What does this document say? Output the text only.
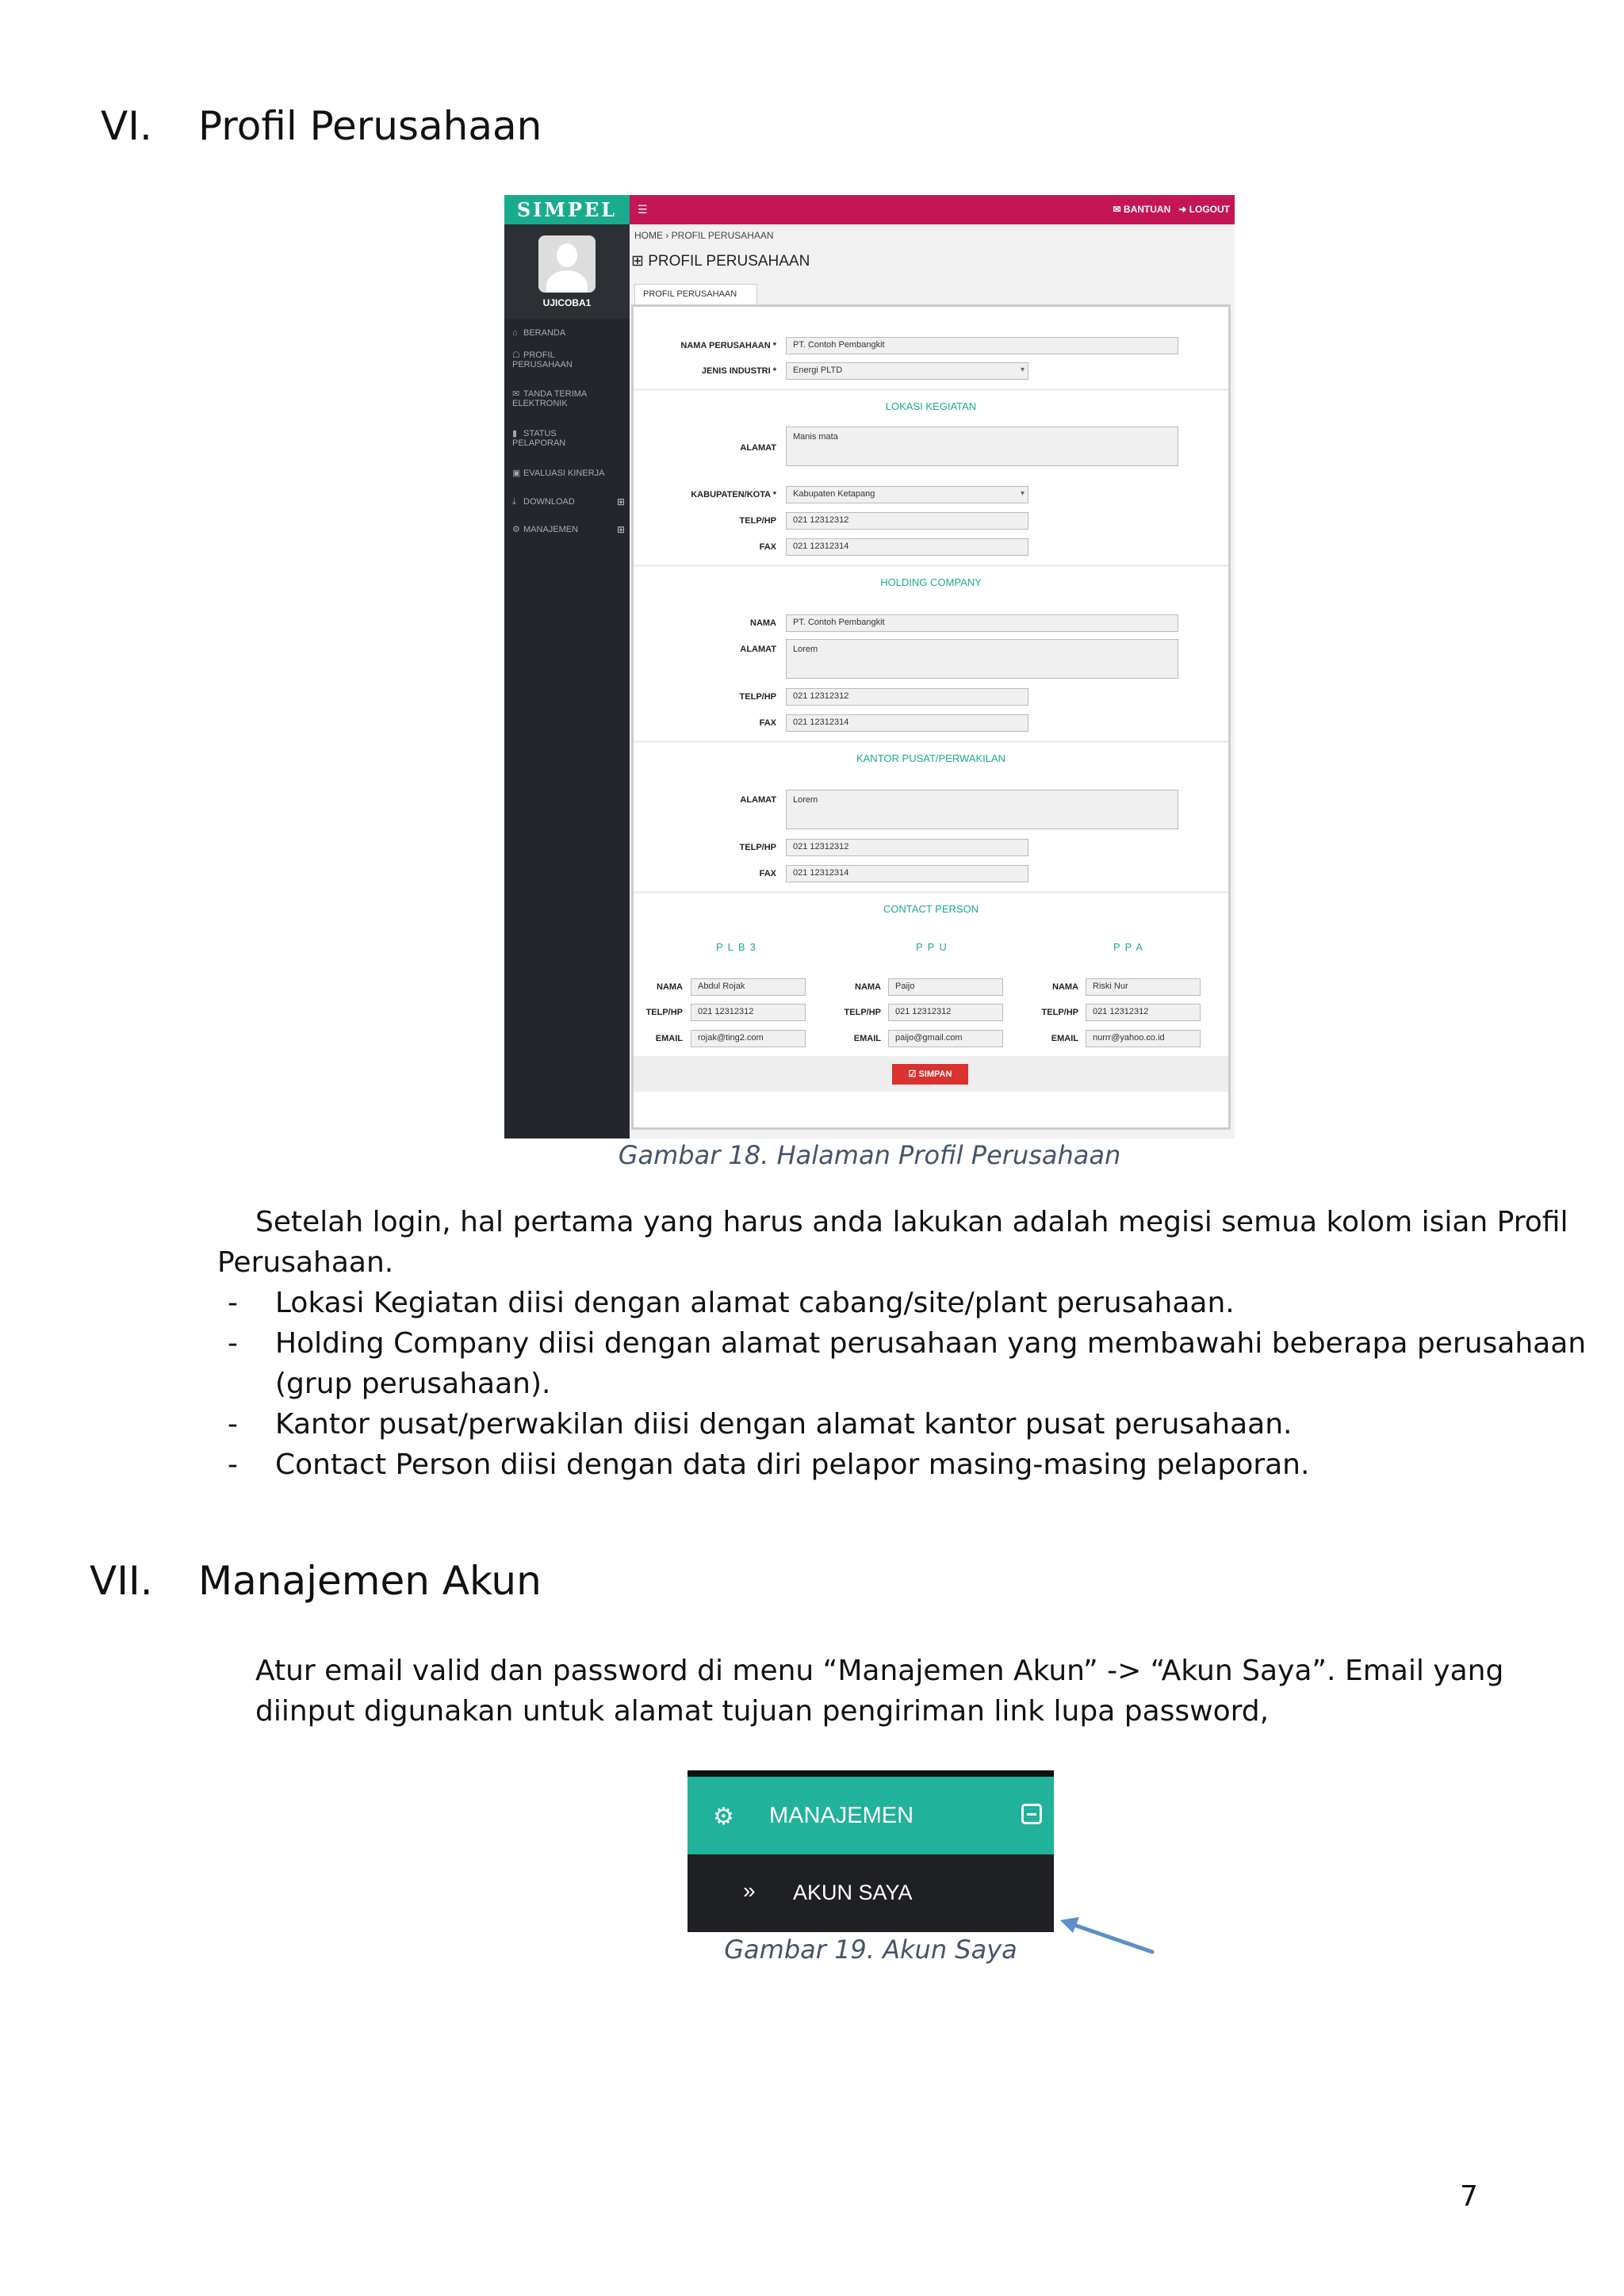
VI. Profil Perusahaan
SIMPEL
UJICOBA1
⌂ BERANDA
☖ PROFIL
PERUSAHAAN
✉ TANDA TERIMA
ELEKTRONIK
▮ STATUS
PELAPORAN
▣ EVALUASI KINERJA
⤓ DOWNLOAD	⊞
⚙ MANAJEMEN	⊞
☰	✉ BANTUAN ➜ LOGOUT
HOME › PROFIL PERUSAHAAN
⊞ PROFIL PERUSAHAAN
PROFIL PERUSAHAAN
NAMA PERUSAHAAN *	PT. Contoh Pembangkit
JENIS INDUSTRI *	Energi PLTD ▾
LOKASI KEGIATAN
ALAMAT
Manis mata
KABUPATEN/KOTA *	Kabupaten Ketapang ▾
TELP/HP	021 12312312
FAX	021 12312314
HOLDING COMPANY
NAMA	PT. Contoh Pembangkit
ALAMAT	Lorem
TELP/HP	021 12312312
FAX	021 12312314
KANTOR PUSAT/PERWAKILAN
ALAMAT	Lorem
TELP/HP	021 12312312
FAX	021 12312314
CONTACT PERSON
PLB3
NAMA	Abdul Rojak
TELP/HP	021 12312312
EMAIL	rojak@ting2.com
PPU
NAMA	Paijo
TELP/HP	021 12312312
EMAIL	paijo@gmail.com
PPA
NAMA	Riski Nur
TELP/HP	021 12312312
EMAIL	nurrr@yahoo.co.id
☑ SIMPAN
Gambar 18. Halaman Profil Perusahaan
Setelah login, hal pertama yang harus anda lakukan adalah megisi semua kolom isian Profil
Perusahaan.
- Lokasi Kegiatan diisi dengan alamat cabang/site/plant perusahaan.
- Holding Company diisi dengan alamat perusahaan yang membawahi beberapa perusahaan
(grup perusahaan).
- Kantor pusat/perwakilan diisi dengan alamat kantor pusat perusahaan.
- Contact Person diisi dengan data diri pelapor masing-masing pelaporan.
VII. Manajemen Akun
Atur email valid dan password di menu “Manajemen Akun” -> “Akun Saya”. Email yang
diinput digunakan untuk alamat tujuan pengiriman link lupa password,
⚙ MANAJEMEN
» AKUN SAYA
Gambar 19. Akun Saya
7
